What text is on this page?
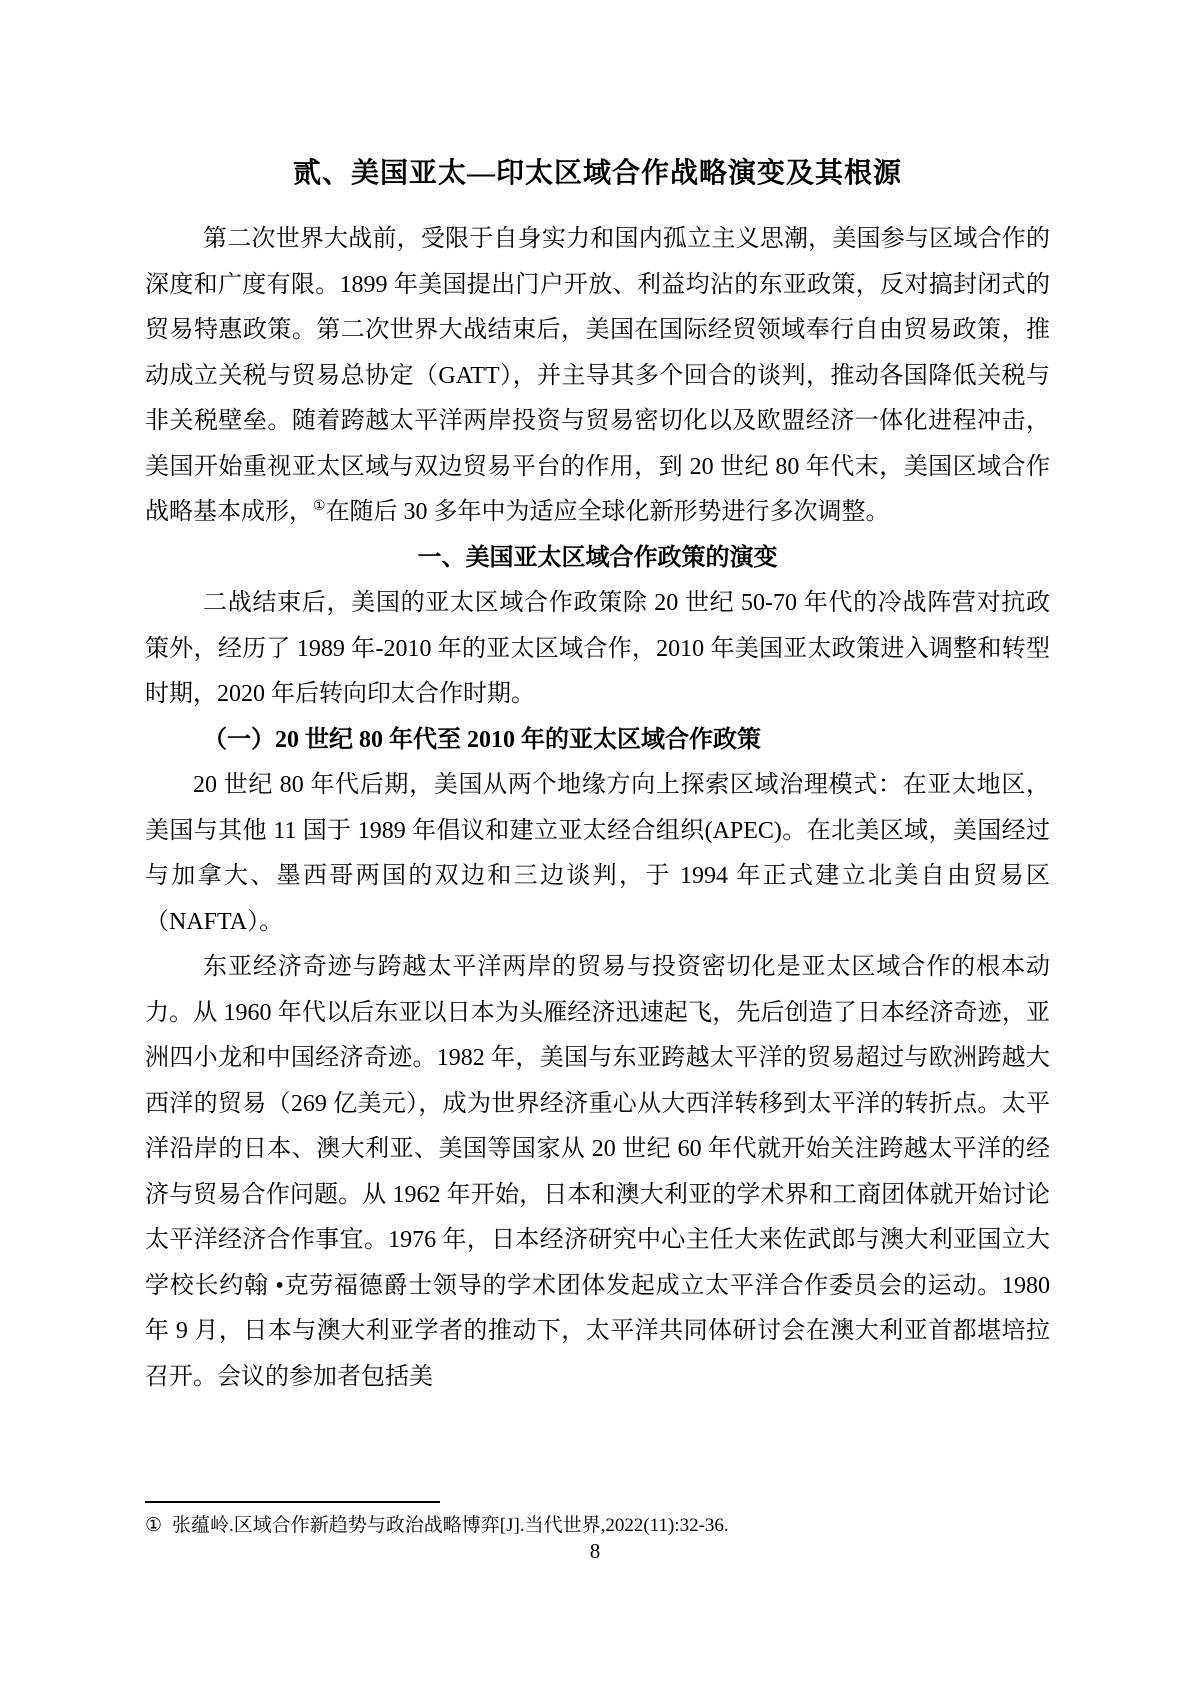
贰、美国亚太—印太区域合作战略演变及其根源

第二次世界大战前，受限于自身实力和国内孤立主义思潮，美国参与区域合作的深度和广度有限。1899 年美国提出门户开放、利益均沾的东亚政策，反对搞封闭式的贸易特惠政策。第二次世界大战结束后，美国在国际经贸领域奉行自由贸易政策，推动成立关税与贸易总协定（GATT），并主导其多个回合的谈判，推动各国降低关税与非关税壁垒。随着跨越太平洋两岸投资与贸易密切化以及欧盟经济一体化进程冲击，美国开始重视亚太区域与双边贸易平台的作用，到 20 世纪 80 年代末，美国区域合作战略基本成形，①在随后 30 多年中为适应全球化新形势进行多次调整。

一、美国亚太区域合作政策的演变

二战结束后，美国的亚太区域合作政策除 20 世纪 50-70 年代的冷战阵营对抗政策外，经历了 1989 年-2010 年的亚太区域合作，2010 年美国亚太政策进入调整和转型时期，2020 年后转向印太合作时期。

（一）20 世纪 80 年代至 2010 年的亚太区域合作政策

20 世纪 80 年代后期，美国从两个地缘方向上探索区域治理模式：在亚太地区，美国与其他 11 国于 1989 年倡议和建立亚太经合组织(APEC)。在北美区域，美国经过与加拿大、墨西哥两国的双边和三边谈判，于 1994 年正式建立北美自由贸易区（NAFTA）。

东亚经济奇迹与跨越太平洋两岸的贸易与投资密切化是亚太区域合作的根本动力。从 1960 年代以后东亚以日本为头雁经济迅速起飞，先后创造了日本经济奇迹，亚洲四小龙和中国经济奇迹。1982 年，美国与东亚跨越太平洋的贸易超过与欧洲跨越大西洋的贸易（269 亿美元），成为世界经济重心从大西洋转移到太平洋的转折点。太平洋沿岸的日本、澳大利亚、美国等国家从 20 世纪 60 年代就开始关注跨越太平洋的经济与贸易合作问题。从 1962 年开始，日本和澳大利亚的学术界和工商团体就开始讨论太平洋经济合作事宜。1976 年，日本经济研究中心主任大来佐武郎与澳大利亚国立大学校长约翰 •克劳福德爵士领导的学术团体发起成立太平洋合作委员会的运动。1980 年 9 月，日本与澳大利亚学者的推动下，太平洋共同体研讨会在澳大利亚首都堪培拉召开。会议的参加者包括美

① 张蕴岭.区域合作新趋势与政治战略博弈[J].当代世界,2022(11):32-36.
8
